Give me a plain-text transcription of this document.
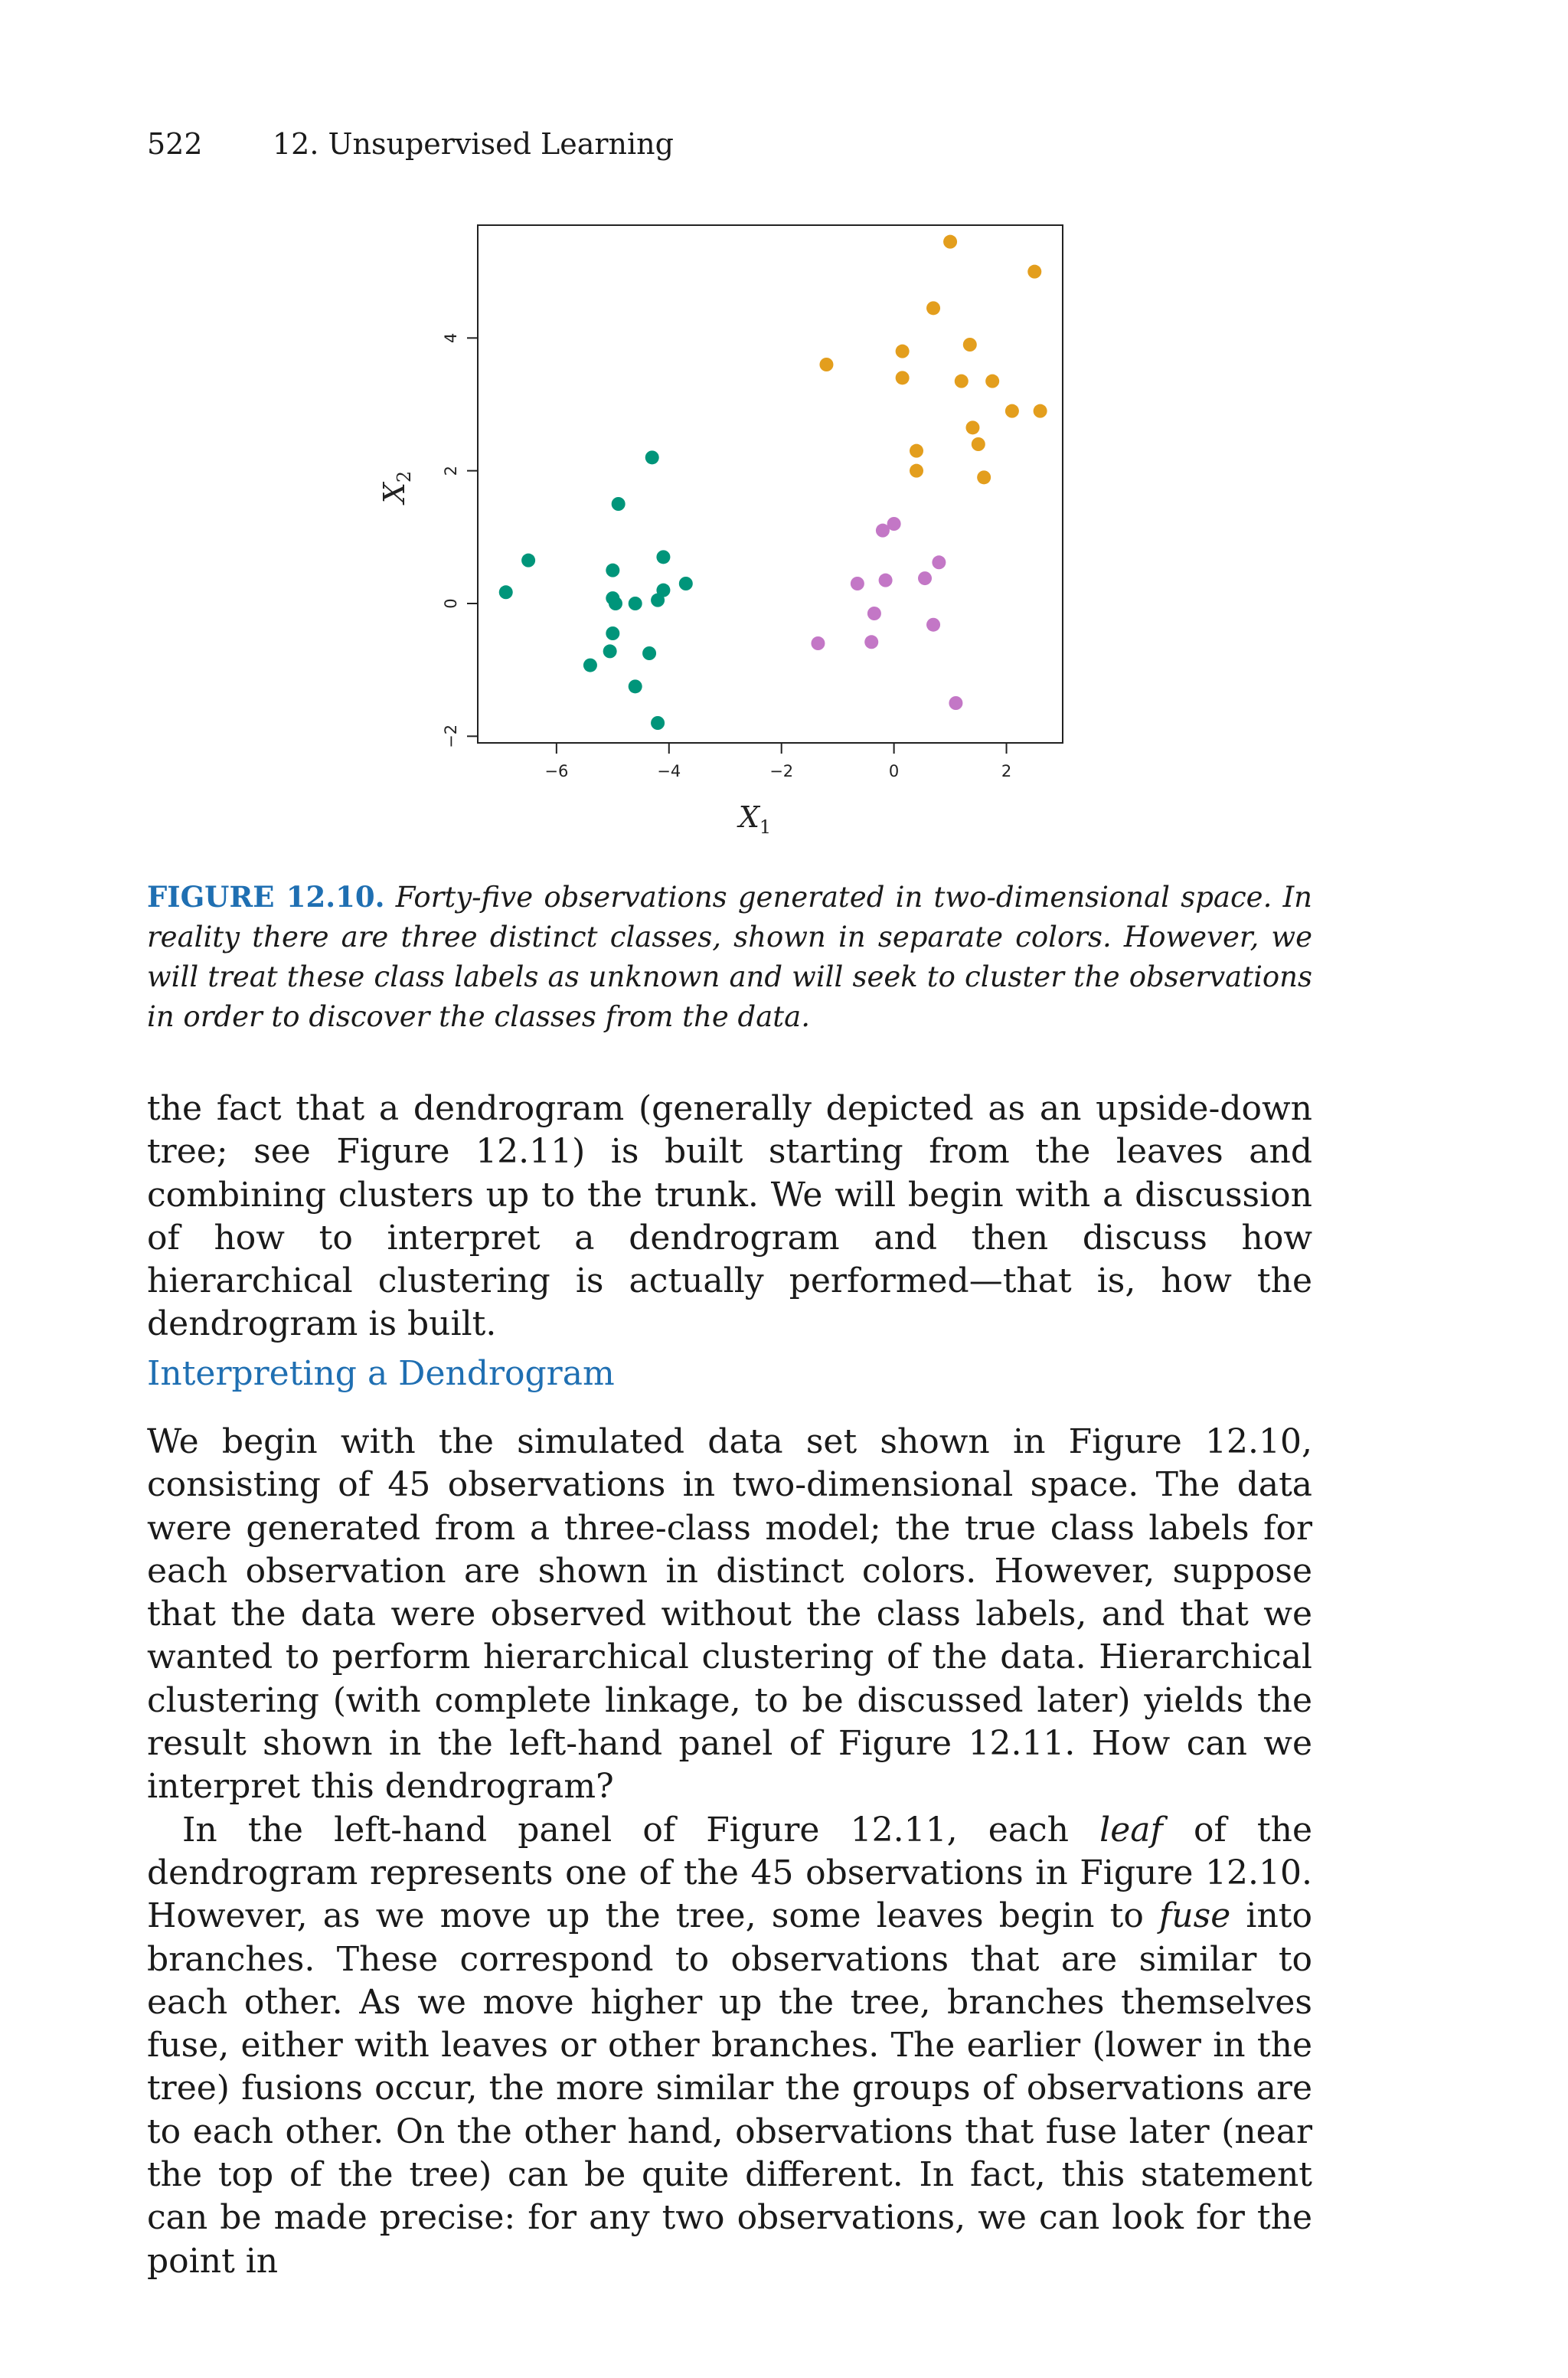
522 12. Unsupervised Learning
−6	−4	−2	0	2
−2
0
2
4
$X_1$
$X_2$
FIGURE 12.10. Forty-five observations generated in two-dimensional space. In reality there are three distinct classes, shown in separate colors. However, we will treat these class labels as unknown and will seek to cluster the observations in order to discover the classes from the data.

the fact that a dendrogram (generally depicted as an upside-down tree; see Figure 12.11) is built starting from the leaves and combining clusters up to the trunk. We will begin with a discussion of how to interpret a dendrogram and then discuss how hierarchical clustering is actually performed—that is, how the dendrogram is built.

Interpreting a Dendrogram

We begin with the simulated data set shown in Figure 12.10, consisting of 45 observations in two-dimensional space. The data were generated from a three-class model; the true class labels for each observation are shown in distinct colors. However, suppose that the data were observed without the class labels, and that we wanted to perform hierarchical clustering of the data. Hierarchical clustering (with complete linkage, to be discussed later) yields the result shown in the left-hand panel of Figure 12.11. How can we interpret this dendrogram?

In the left-hand panel of Figure 12.11, each leaf of the dendrogram represents one of the 45 observations in Figure 12.10. However, as we move up the tree, some leaves begin to fuse into branches. These correspond to observations that are similar to each other. As we move higher up the tree, branches themselves fuse, either with leaves or other branches. The earlier (lower in the tree) fusions occur, the more similar the groups of observations are to each other. On the other hand, observations that fuse later (near the top of the tree) can be quite different. In fact, this statement can be made precise: for any two observations, we can look for the point in
